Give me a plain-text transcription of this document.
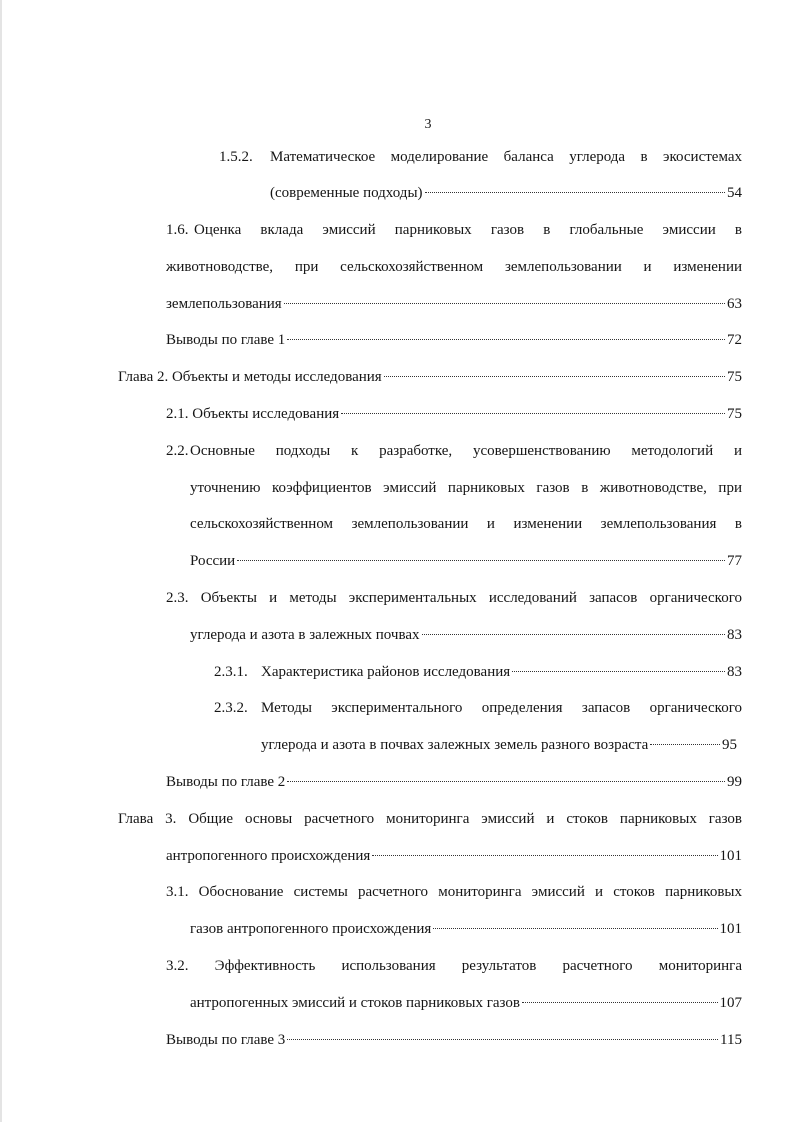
3
1.5.2.	Математическое моделирование баланса углерода в экосистемах
(современные подходы)	54
1.6. Оценка вклада эмиссий парниковых газов в глобальные эмиссии в
животноводстве, при сельскохозяйственном землепользовании и изменении
землепользования	63
Выводы по главе 1	72
Глава 2. Объекты и методы исследования	75
2.1. Объекты исследования	75
2.2. Основные подходы к разработке, усовершенствованию методологий и
уточнению коэффициентов эмиссий парниковых газов в животноводстве, при
сельскохозяйственном землепользовании и изменении землепользования в
России	77
2.3. Объекты и методы экспериментальных исследований запасов органического
углерода и азота в залежных почвах	83
2.3.1. Характеристика районов исследования	83
2.3.2. Методы экспериментального определения запасов органического
углерода и азота в почвах залежных земель разного возраста	95
Выводы по главе 2	99
Глава 3. Общие основы расчетного мониторинга эмиссий и стоков парниковых газов
антропогенного происхождения	101
3.1. Обоснование системы расчетного мониторинга эмиссий и стоков парниковых
газов антропогенного происхождения	101
3.2. Эффективность использования результатов расчетного мониторинга
антропогенных эмиссий и стоков парниковых газов	107
Выводы по главе 3	115
